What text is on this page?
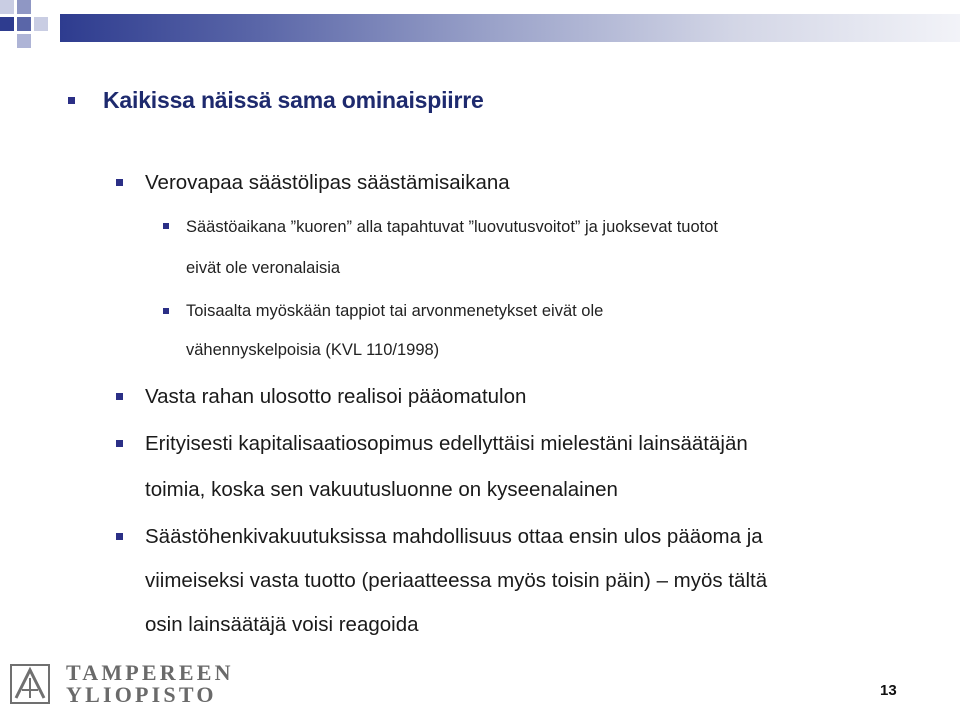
Kaikissa näissä sama ominaispiirre

Verovapaa säästölipas säästämisaikana

Säästöaikana ”kuoren” alla tapahtuvat ”luovutusvoitot” ja juoksevat tuotot

eivät ole veronalaisia

Toisaalta myöskään tappiot tai arvonmenetykset eivät ole

vähennyskelpoisia (KVL 110/1998)

Vasta rahan ulosotto realisoi pääomatulon

Erityisesti kapitalisaatiosopimus edellyttäisi mielestäni lainsäätäjän

toimia, koska sen vakuutusluonne on kyseenalainen

Säästöhenkivakuutuksissa mahdollisuus ottaa ensin ulos pääoma ja

viimeiseksi vasta tuotto (periaatteessa myös toisin päin) – myös tältä

osin lainsäätäjä voisi reagoida

TAMPEREEN

YLIOPISTO	13
